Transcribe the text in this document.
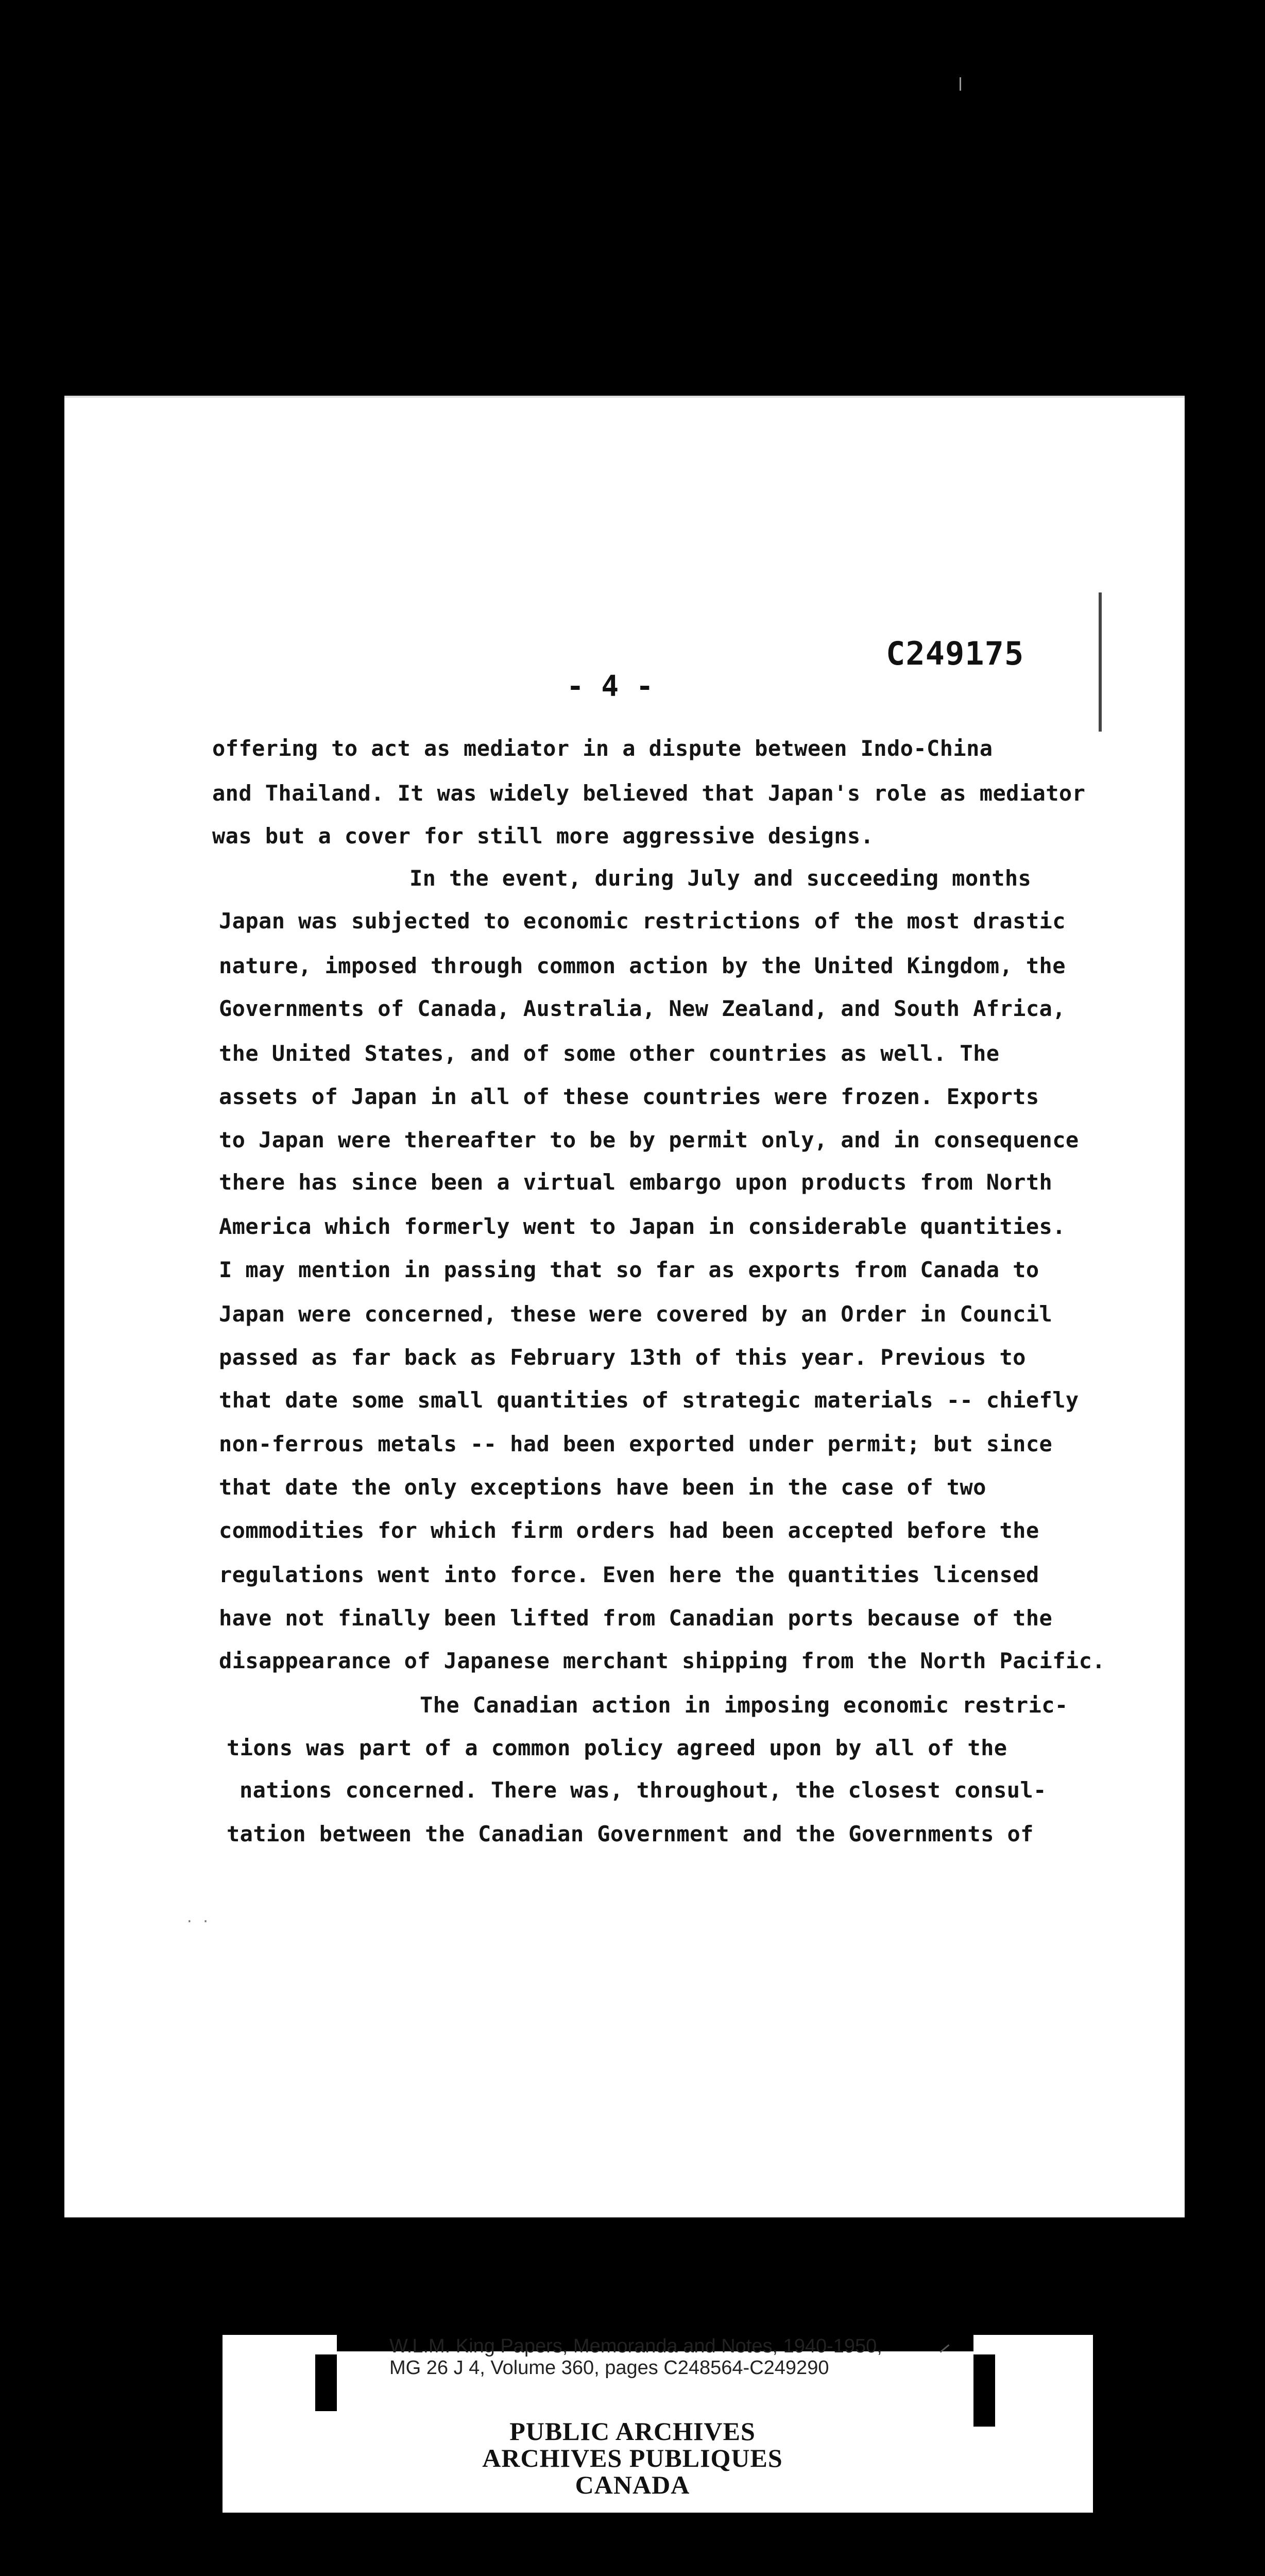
C249175
- 4 -
offering to act as mediator in a dispute between Indo-China
and Thailand. It was widely believed that Japan's role as mediator
was but a cover for still more aggressive designs.
In the event, during July and succeeding months
Japan was subjected to economic restrictions of the most drastic
nature, imposed through common action by the United Kingdom, the
Governments of Canada, Australia, New Zealand, and South Africa,
the United States, and of some other countries as well. The
assets of Japan in all of these countries were frozen. Exports
to Japan were thereafter to be by permit only, and in consequence
there has since been a virtual embargo upon products from North
America which formerly went to Japan in considerable quantities.
I may mention in passing that so far as exports from Canada to
Japan were concerned, these were covered by an Order in Council
passed as far back as February 13th of this year. Previous to
that date some small quantities of strategic materials -- chiefly
non-ferrous metals -- had been exported under permit; but since
that date the only exceptions have been in the case of two
commodities for which firm orders had been accepted before the
regulations went into force. Even here the quantities licensed
have not finally been lifted from Canadian ports because of the
disappearance of Japanese merchant shipping from the North Pacific.
The Canadian action in imposing economic restric-
tions was part of a common policy agreed upon by all of the
nations concerned. There was, throughout, the closest consul-
tation between the Canadian Government and the Governments of
· ·
W.L.M. King Papers, Memoranda and Notes, 1940-1950,
MG 26 J 4, Volume 360, pages C248564-C249290
PUBLIC ARCHIVES
ARCHIVES PUBLIQUES
CANADA
